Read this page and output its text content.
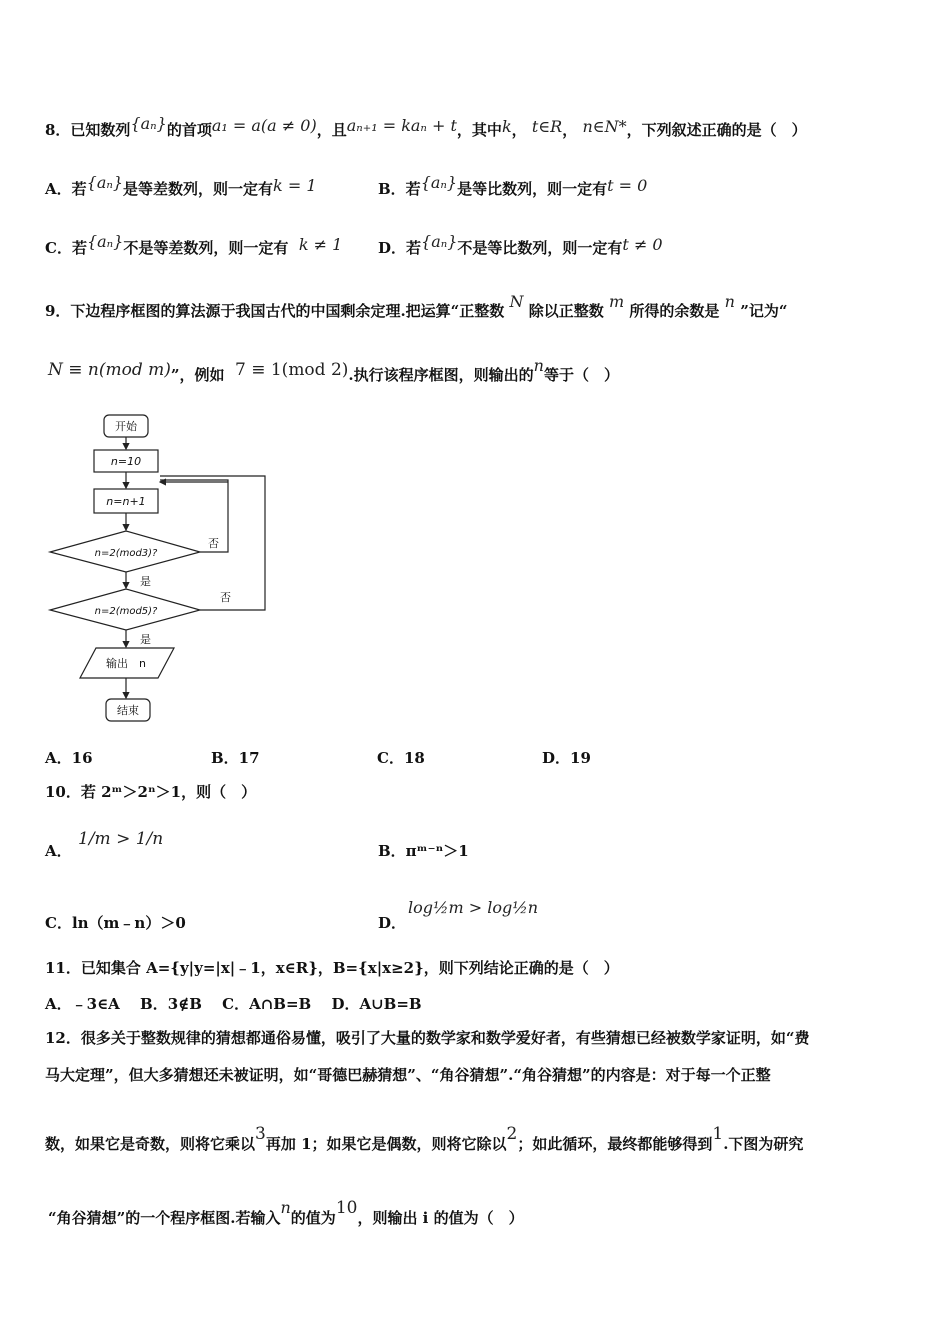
8．已知数列{aₙ}的首项a₁ = a(a ≠ 0)，且aₙ₊₁ = kaₙ + t，其中k， t∈R， n∈N*，下列叙述正确的是（　）
A．若{aₙ}是等差数列，则一定有k = 1	B．若{aₙ}是等比数列，则一定有t = 0
C．若{aₙ}不是等差数列，则一定有 k ≠ 1 D．若{aₙ}不是等比数列，则一定有t ≠ 0
9．下边程序框图的算法源于我国古代的中国剩余定理.把运算“正整数 N 除以正整数 m 所得的余数是 n ”记为“
N ≡ n(mod m)”，例如 7 ≡ 1(mod 2).执行该程序框图，则输出的n等于（　）
开始
n=10
n=n+1
n=2(mod3)?
n=2(mod5)?
否
否
是
是
输出　n
结束
A．16	B．17	C．18	D．19
10．若 2ᵐ＞2ⁿ＞1，则（　）
A．
1/m > 1/n
B．πᵐ⁻ⁿ＞1
C．ln（m﹣n）＞0	D．
log½m > log½n
11．已知集合 A={y|y=|x|﹣1，x∈R}，B={x|x≥2}，则下列结论正确的是（　）
A．﹣3∈A　 B．3∉B　 C．A∩B=B　 D．A∪B=B
12．很多关于整数规律的猜想都通俗易懂，吸引了大量的数学家和数学爱好者，有些猜想已经被数学家证明，如“费
马大定理”，但大多猜想还未被证明，如“哥德巴赫猜想”、“角谷猜想”.“角谷猜想”的内容是：对于每一个正整
数，如果它是奇数，则将它乘以3再加 1；如果它是偶数，则将它除以2；如此循环，最终都能够得到1.下图为研究
“角谷猜想”的一个程序框图.若输入n的值为10，则输出 i 的值为（　）
